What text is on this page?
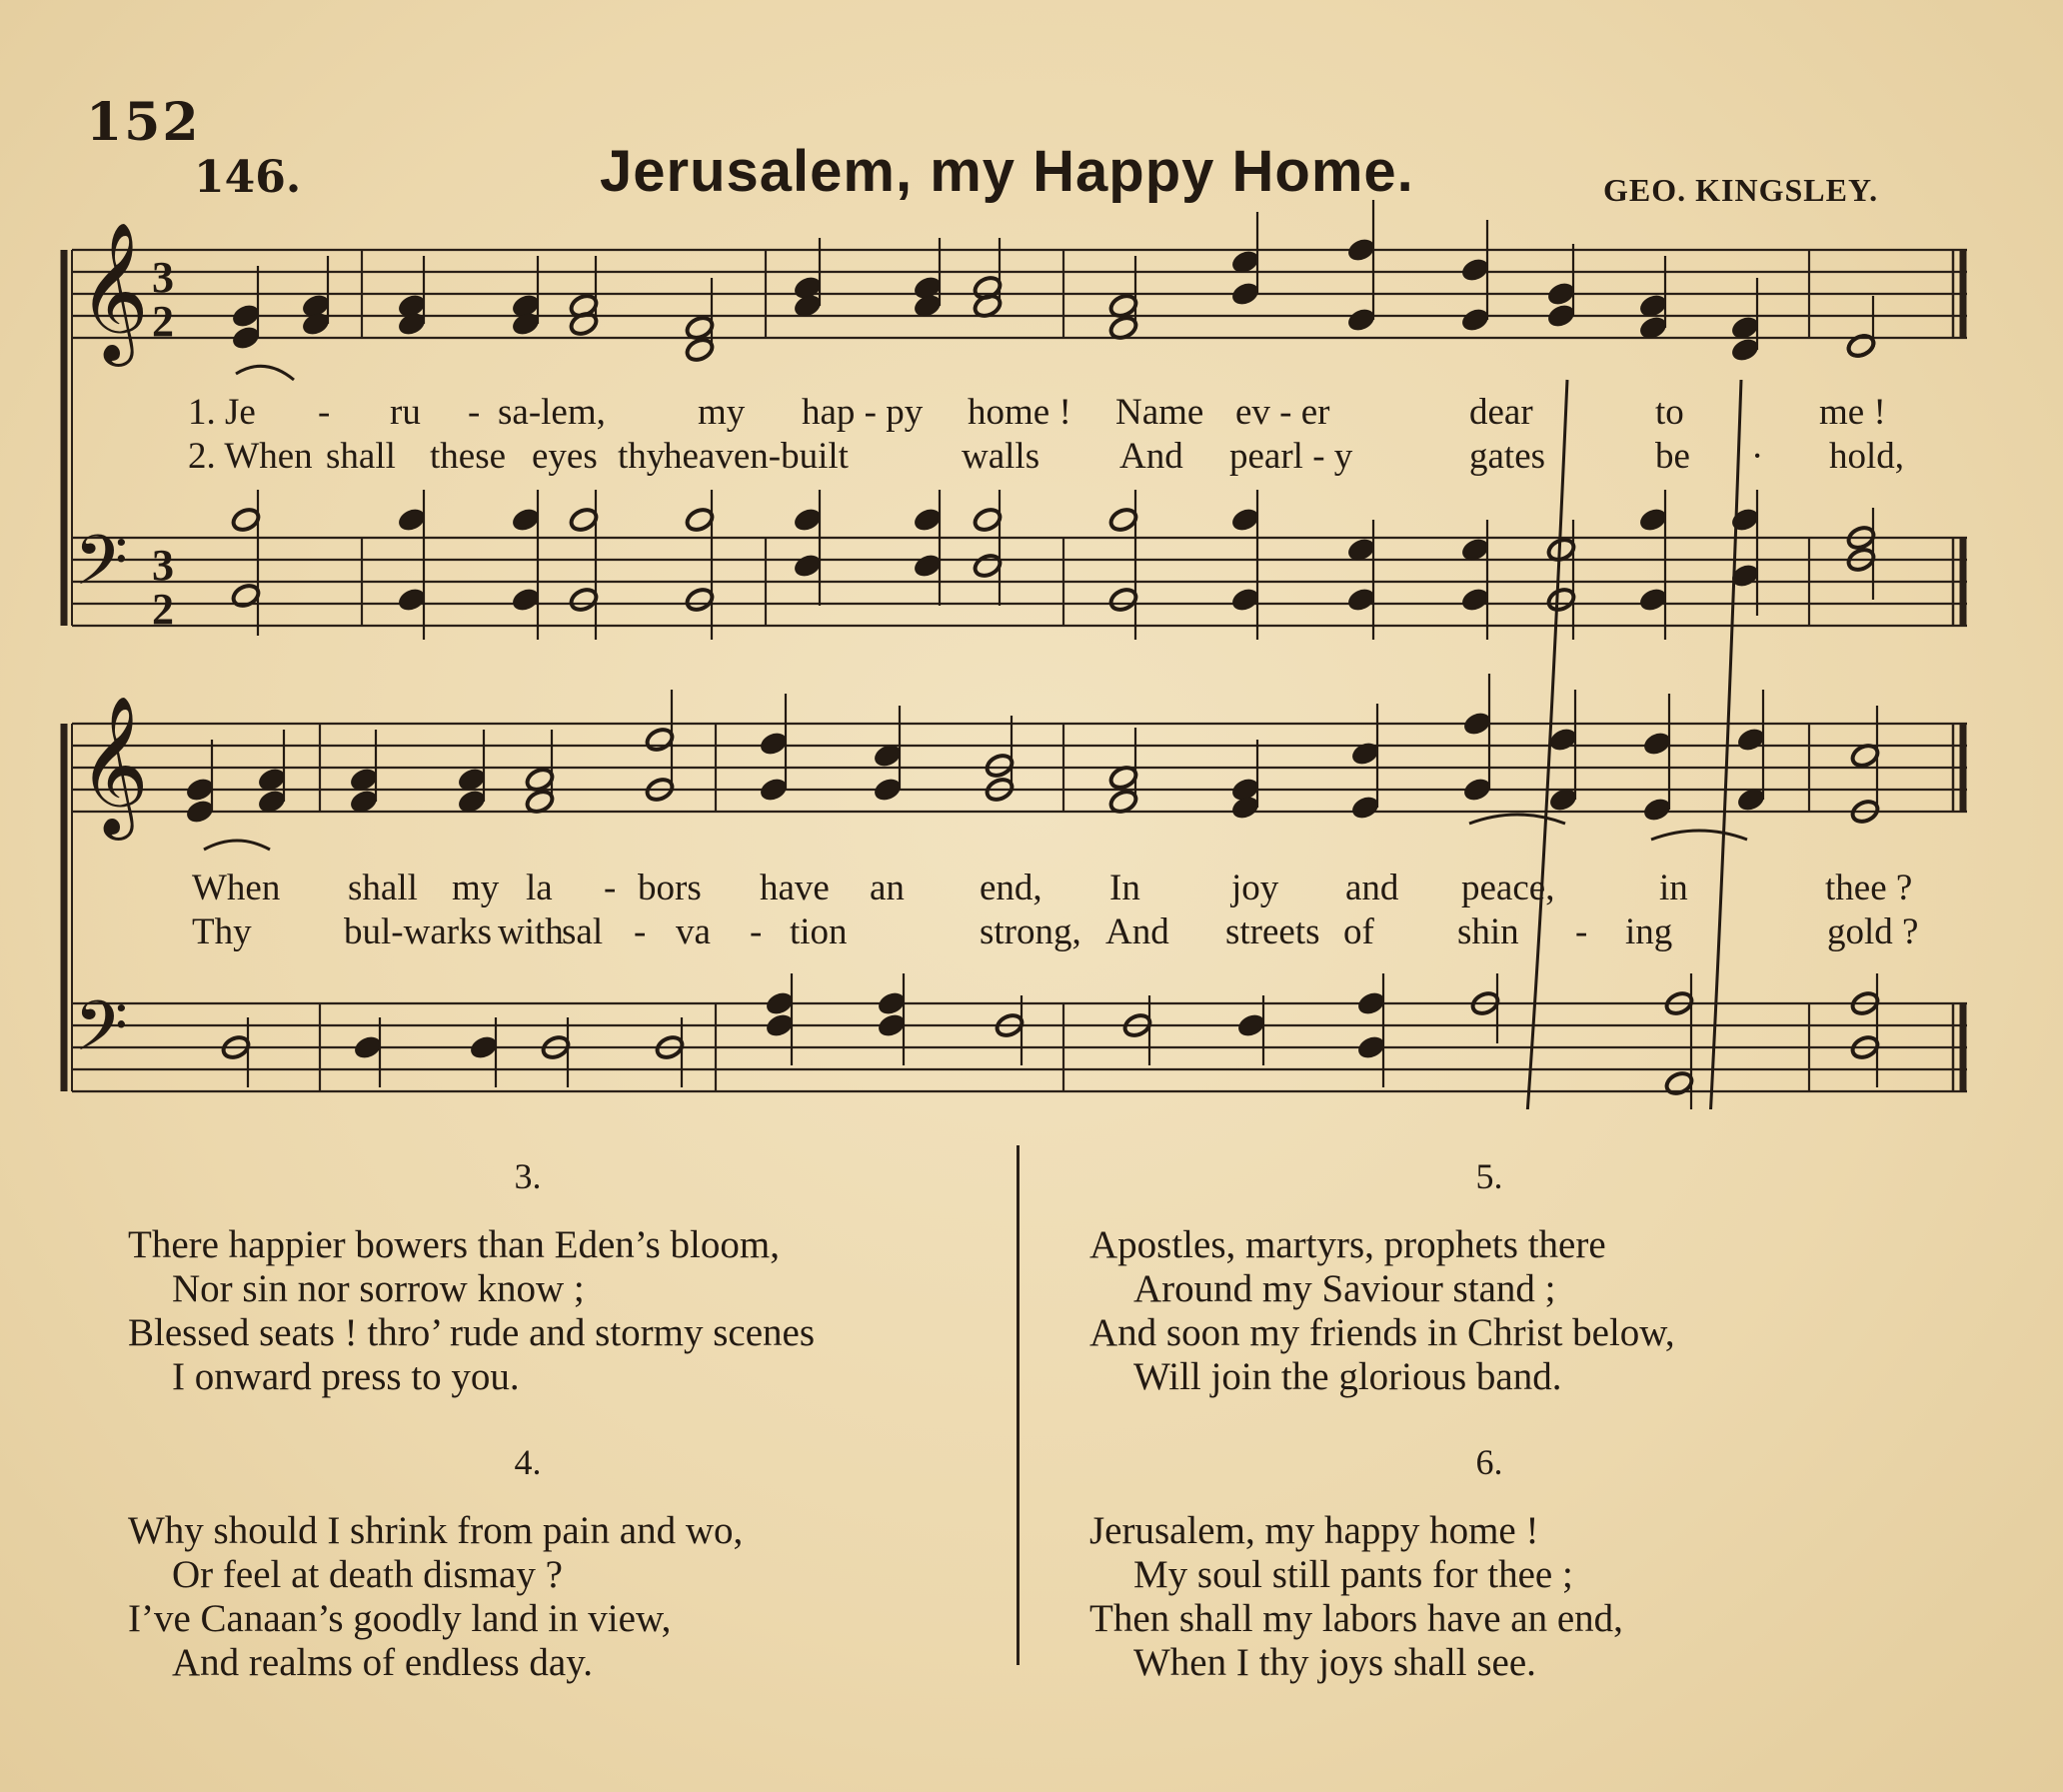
152
146.	Jerusalem, my Happy Home.	GEO. KINGSLEY.
𝄞
𝄢
𝄞
𝄢
3
2
3
2
1. Je - ru - sa-lem, my hap - py home ! Name ev - er	dear	to	me !
2. When shall these eyes thy
heaven-built	walls And pearl - y	gates	be · hold,
When shall my la - bors have an end, In joy and peace,	in	thee ?
Thy bul-warks with
sal - va - tion	strong, And streets of shin - ing	gold ?
3.
There happier bowers than Eden’s bloom,
Nor sin nor sorrow know ;
Blessed seats ! thro’ rude and stormy scenes
I onward press to you.
4.
Why should I shrink from pain and wo,
Or feel at death dismay ?
I’ve Canaan’s goodly land in view,
And realms of endless day.
5.
Apostles, martyrs, prophets there
Around my Saviour stand ;
And soon my friends in Christ below,
Will join the glorious band.
6.
Jerusalem, my happy home !
My soul still pants for thee ;
Then shall my labors have an end,
When I thy joys shall see.
